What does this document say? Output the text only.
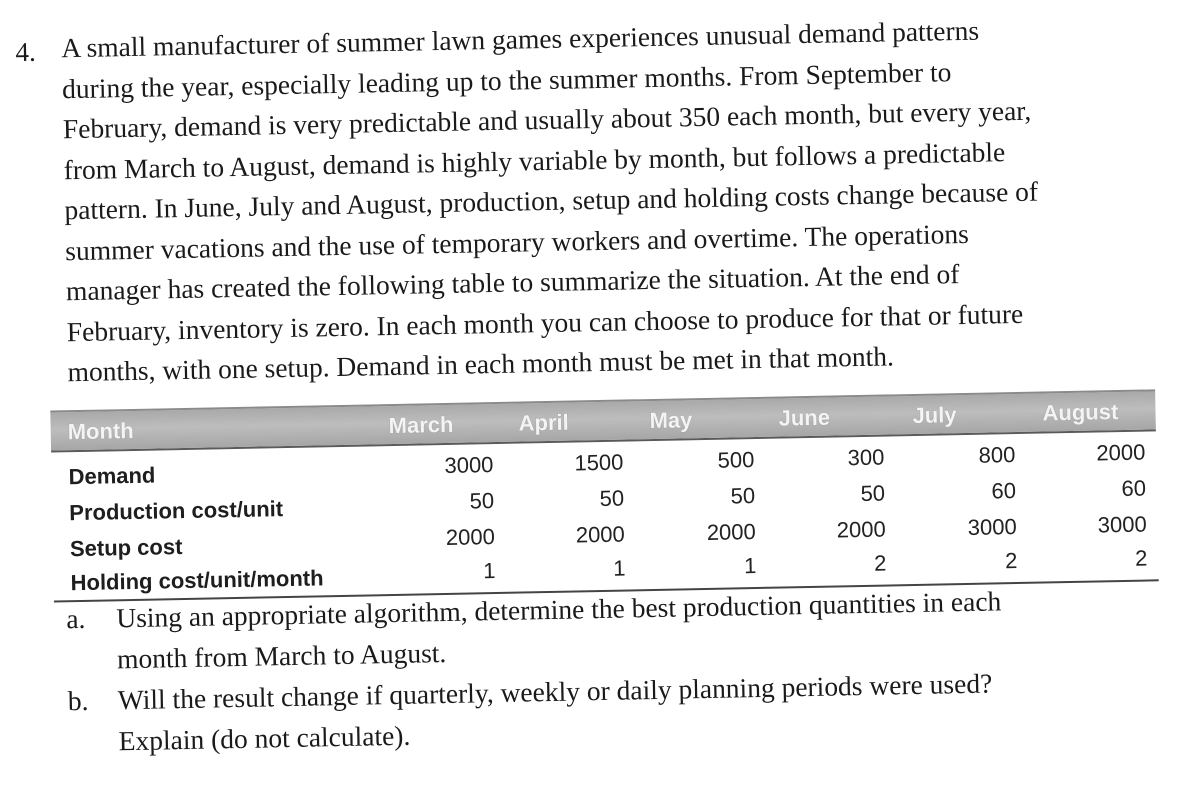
4. A small manufacturer of summer lawn games experiences unusual demand patterns
during the year, especially leading up to the summer months. From September to
February, demand is very predictable and usually about 350 each month, but every year,
from March to August, demand is highly variable by month, but follows a predictable
pattern. In June, July and August, production, setup and holding costs change because of
summer vacations and the use of temporary workers and overtime. The operations
manager has created the following table to summarize the situation. At the end of
February, inventory is zero. In each month you can choose to produce for that or future
months, with one setup. Demand in each month must be met in that month.
Month	March	April	May	June	July	August
Demand	3000	1500	500	300	800	2000
Production cost/unit	50	50	50	50	60	60
Setup cost	2000	2000	2000	2000	3000	3000
Holding cost/unit/month	1	1	1	2	2	2
a. Using an appropriate algorithm, determine the best production quantities in each
month from March to August.
b. Will the result change if quarterly, weekly or daily planning periods were used?
Explain (do not calculate).
